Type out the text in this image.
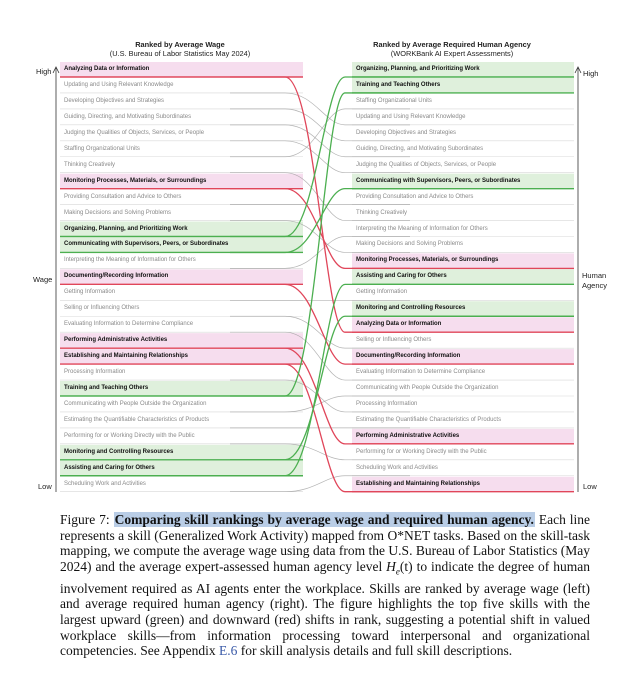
Ranked by Average Wage
(U.S. Bureau of Labor Statistics May 2024)
Ranked by Average Required Human Agency
(WORKBank AI Expert Assessments)
Analyzing Data or Information
Updating and Using Relevant Knowledge
Developing Objectives and Strategies
Guiding, Directing, and Motivating Subordinates
Judging the Qualities of Objects, Services, or People
Staffing Organizational Units
Thinking Creatively
Monitoring Processes, Materials, or Surroundings
Providing Consultation and Advice to Others
Making Decisions and Solving Problems
Organizing, Planning, and Prioritizing Work
Communicating with Supervisors, Peers, or Subordinates
Interpreting the Meaning of Information for Others
Documenting/Recording Information
Getting Information
Selling or Influencing Others
Evaluating Information to Determine Compliance
Performing Administrative Activities
Establishing and Maintaining Relationships
Processing Information
Training and Teaching Others
Communicating with People Outside the Organization
Estimating the Quantifiable Characteristics of Products
Performing for or Working Directly with the Public
Monitoring and Controlling Resources
Assisting and Caring for Others
Scheduling Work and Activities
Organizing, Planning, and Prioritizing Work
Training and Teaching Others
Staffing Organizational Units
Updating and Using Relevant Knowledge
Developing Objectives and Strategies
Guiding, Directing, and Motivating Subordinates
Judging the Qualities of Objects, Services, or People
Communicating with Supervisors, Peers, or Subordinates
Providing Consultation and Advice to Others
Thinking Creatively
Interpreting the Meaning of Information for Others
Making Decisions and Solving Problems
Monitoring Processes, Materials, or Surroundings
Assisting and Caring for Others
Getting Information
Monitoring and Controlling Resources
Analyzing Data or Information
Selling or Influencing Others
Documenting/Recording Information
Evaluating Information to Determine Compliance
Communicating with People Outside the Organization
Processing Information
Estimating the Quantifiable Characteristics of Products
Performing Administrative Activities
Performing for or Working Directly with the Public
Scheduling Work and Activities
Establishing and Maintaining Relationships
High
Wage
Low
High
Human
Agency
Low
Figure 7: Comparing skill rankings by average wage and required human agency. Each line represents a skill (Generalized Work Activity) mapped from O*NET tasks. Based on the skill-task mapping, we compute the average wage using data from the U.S. Bureau of Labor Statistics (May 2024) and the average expert-assessed human agency level $H_e(t)$ to indicate the degree of human involvement required as AI agents enter the workplace. Skills are ranked by average wage (left) and average required human agency (right). The figure highlights the top five skills with the largest upward (green) and downward (red) shifts in rank, suggesting a potential shift in valued workplace skills—from information processing toward interpersonal and organizational competencies. See Appendix E.6 for skill analysis details and full skill descriptions.
